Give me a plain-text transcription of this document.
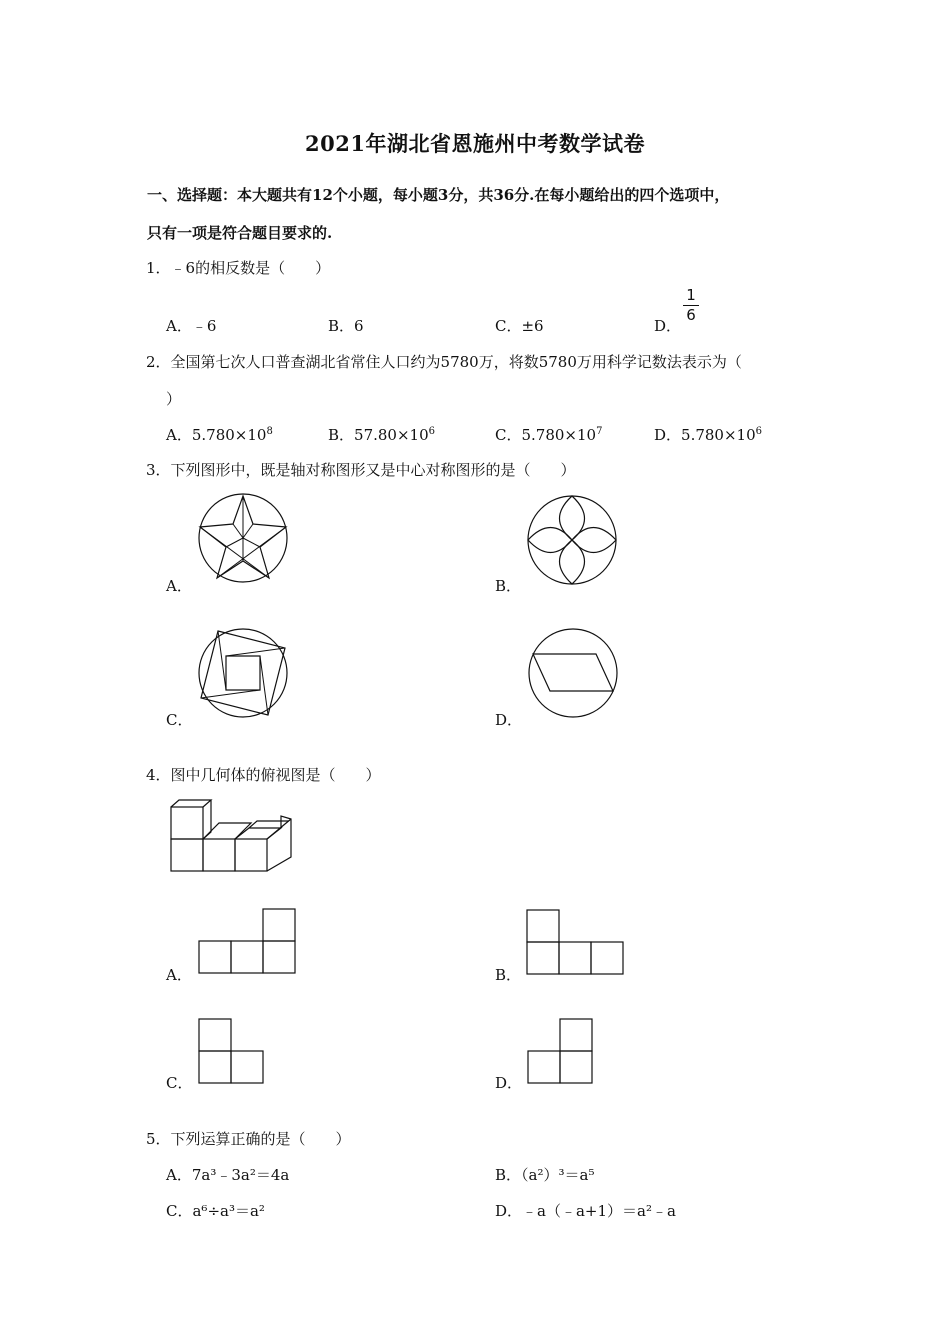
2021年湖北省恩施州中考数学试卷
一、选择题：本大题共有12个小题，每小题3分，共36分.在每小题给出的四个选项中，
只有一项是符合题目要求的.
1．﹣6的相反数是（　　）
A．﹣6	B．6	C．±6	D．
1
6
2．全国第七次人口普查湖北省常住人口约为5780万，将数5780万用科学记数法表示为（
）
A．$5.780\times 10^8$	B．$57.80\times 10^6$	C．$5.780\times 10^7$	D．$5.780\times 10^6$
3．下列图形中，既是轴对称图形又是中心对称图形的是（　　）
A．	B．
C．	D．
4．图中几何体的俯视图是（　　）
A．	B．
C．	D．
5．下列运算正确的是（　　）
A．7a³﹣3a²＝4a	B．（a²）³＝a⁵
C．a⁶÷a³＝a²	D．﹣a（﹣a+1）＝a²﹣a
